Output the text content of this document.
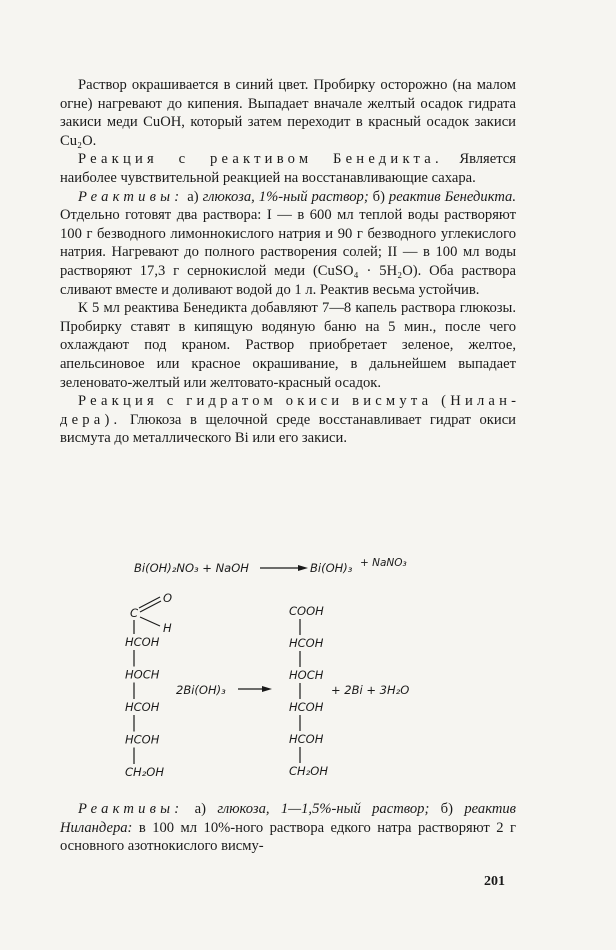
Раствор окрашивается в синий цвет. Пробирку осторожно (на малом огне) нагревают до кипения. Выпадает вначале желтый осадок гидрата закиси меди CuOH, который затем переходит в красный осадок закиси Cu₂O.

Реакция с реактивом Бенедикта. Является наиболее чувствительной реакцией на восстанавливающие сахара.

Реактивы: а) глюкоза, 1%-ный раствор; б) реактив Бенедикта. Отдельно готовят два раствора: I — в 600 мл теплой воды растворяют 100 г безводного лимоннокислого натрия и 90 г безводного углекислого натрия. Нагревают до полного растворения солей; II — в 100 мл воды растворяют 17,3 г сернокислой меди (CuSO₄ · 5H₂O). Оба раствора сливают вместе и доливают водой до 1 л. Реактив весьма устойчив.

К 5 мл реактива Бенедикта добавляют 7—8 капель раствора глюкозы. Пробирку ставят в кипящую водяную баню на 5 мин., после чего охлаждают под краном. Раствор приобретает зеленое, желтое, апельсиновое или красное окрашивание, в дальнейшем выпадает зеленовато-желтый или желтовато-красный осадок.

Реакция с гидратом окиси висмута (Ниландера). Глюкоза в щелочной среде восстанавливает гидрат окиси висмута до металлического Bi или его закиси.

Bi(OH)₂NO₃ + NaOH	Bi(OH)₃ + NaNO₃
C
O
H
HCOH
HOCH
HCOH
HCOH
CH₂OH
2Bi(OH)₃
COOH
HCOH
HOCH
HCOH
HCOH
CH₂OH
+ 2Bi + 3H₂O

Реактивы: а) глюкоза, 1—1,5%-ный раствор; б) реактив Ниландера: в 100 мл 10%-ного раствора едкого натра растворяют 2 г основного азотнокислого висму-

201
